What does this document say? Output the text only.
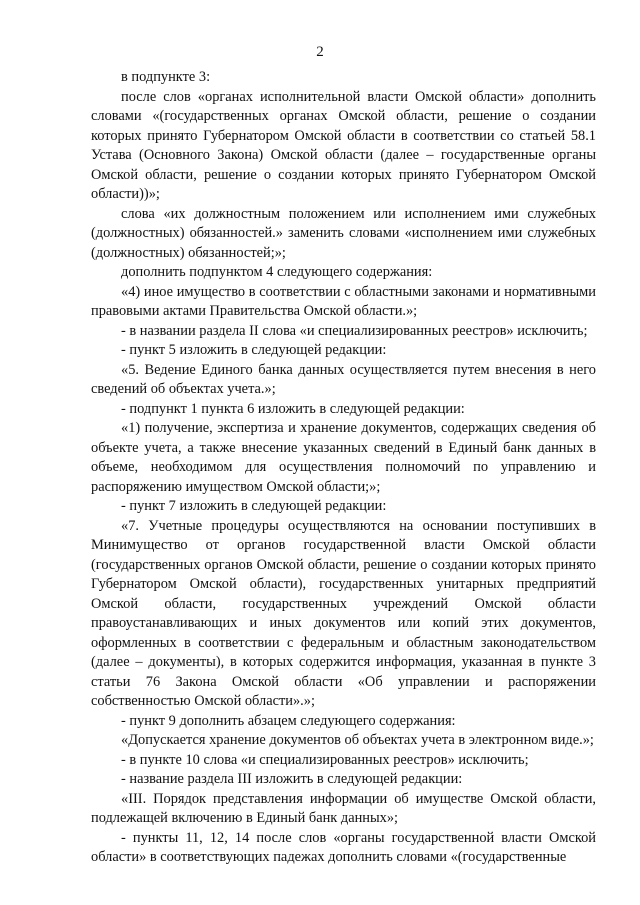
2

в подпункте 3:

после слов «органах исполнительной власти Омской области» дополнить словами «(государственных органах Омской области, решение о создании которых принято Губернатором Омской области в соответствии со статьей 58.1 Устава (Основного Закона) Омской области (далее – государственные органы Омской области, решение о создании которых принято Губернатором Омской области))»;

слова «их должностным положением или исполнением ими служебных (должностных) обязанностей.» заменить словами «исполнением ими служебных (должностных) обязанностей;»;

дополнить подпунктом 4 следующего содержания:

«4) иное имущество в соответствии с областными законами и нормативными правовыми актами Правительства Омской области.»;

- в названии раздела II слова «и специализированных реестров» исключить;

- пункт 5 изложить в следующей редакции:

«5. Ведение Единого банка данных осуществляется путем внесения в него сведений об объектах учета.»;

- подпункт 1 пункта 6 изложить в следующей редакции:

«1) получение, экспертиза и хранение документов, содержащих сведения об объекте учета, а также внесение указанных сведений в Единый банк данных в объеме, необходимом для осуществления полномочий по управлению и распоряжению имуществом Омской области;»;

- пункт 7 изложить в следующей редакции:

«7. Учетные процедуры осуществляются на основании поступивших в Минимущество от органов государственной власти Омской области (государственных органов Омской области, решение о создании которых принято Губернатором Омской области), государственных унитарных предприятий Омской области, государственных учреждений Омской области правоустанавливающих и иных документов или копий этих документов, оформленных в соответствии с федеральным и областным законодательством (далее – документы), в которых содержится информация, указанная в пункте 3 статьи 76 Закона Омской области «Об управлении и распоряжении собственностью Омской области».»;

- пункт 9 дополнить абзацем следующего содержания:

«Допускается хранение документов об объектах учета в электронном виде.»;

- в пункте 10 слова «и специализированных реестров» исключить;

- название раздела III изложить в следующей редакции:

«III. Порядок представления информации об имуществе Омской области, подлежащей включению в Единый банк данных»;

- пункты 11, 12, 14 после слов «органы государственной власти Омской области» в соответствующих падежах дополнить словами «(государственные
